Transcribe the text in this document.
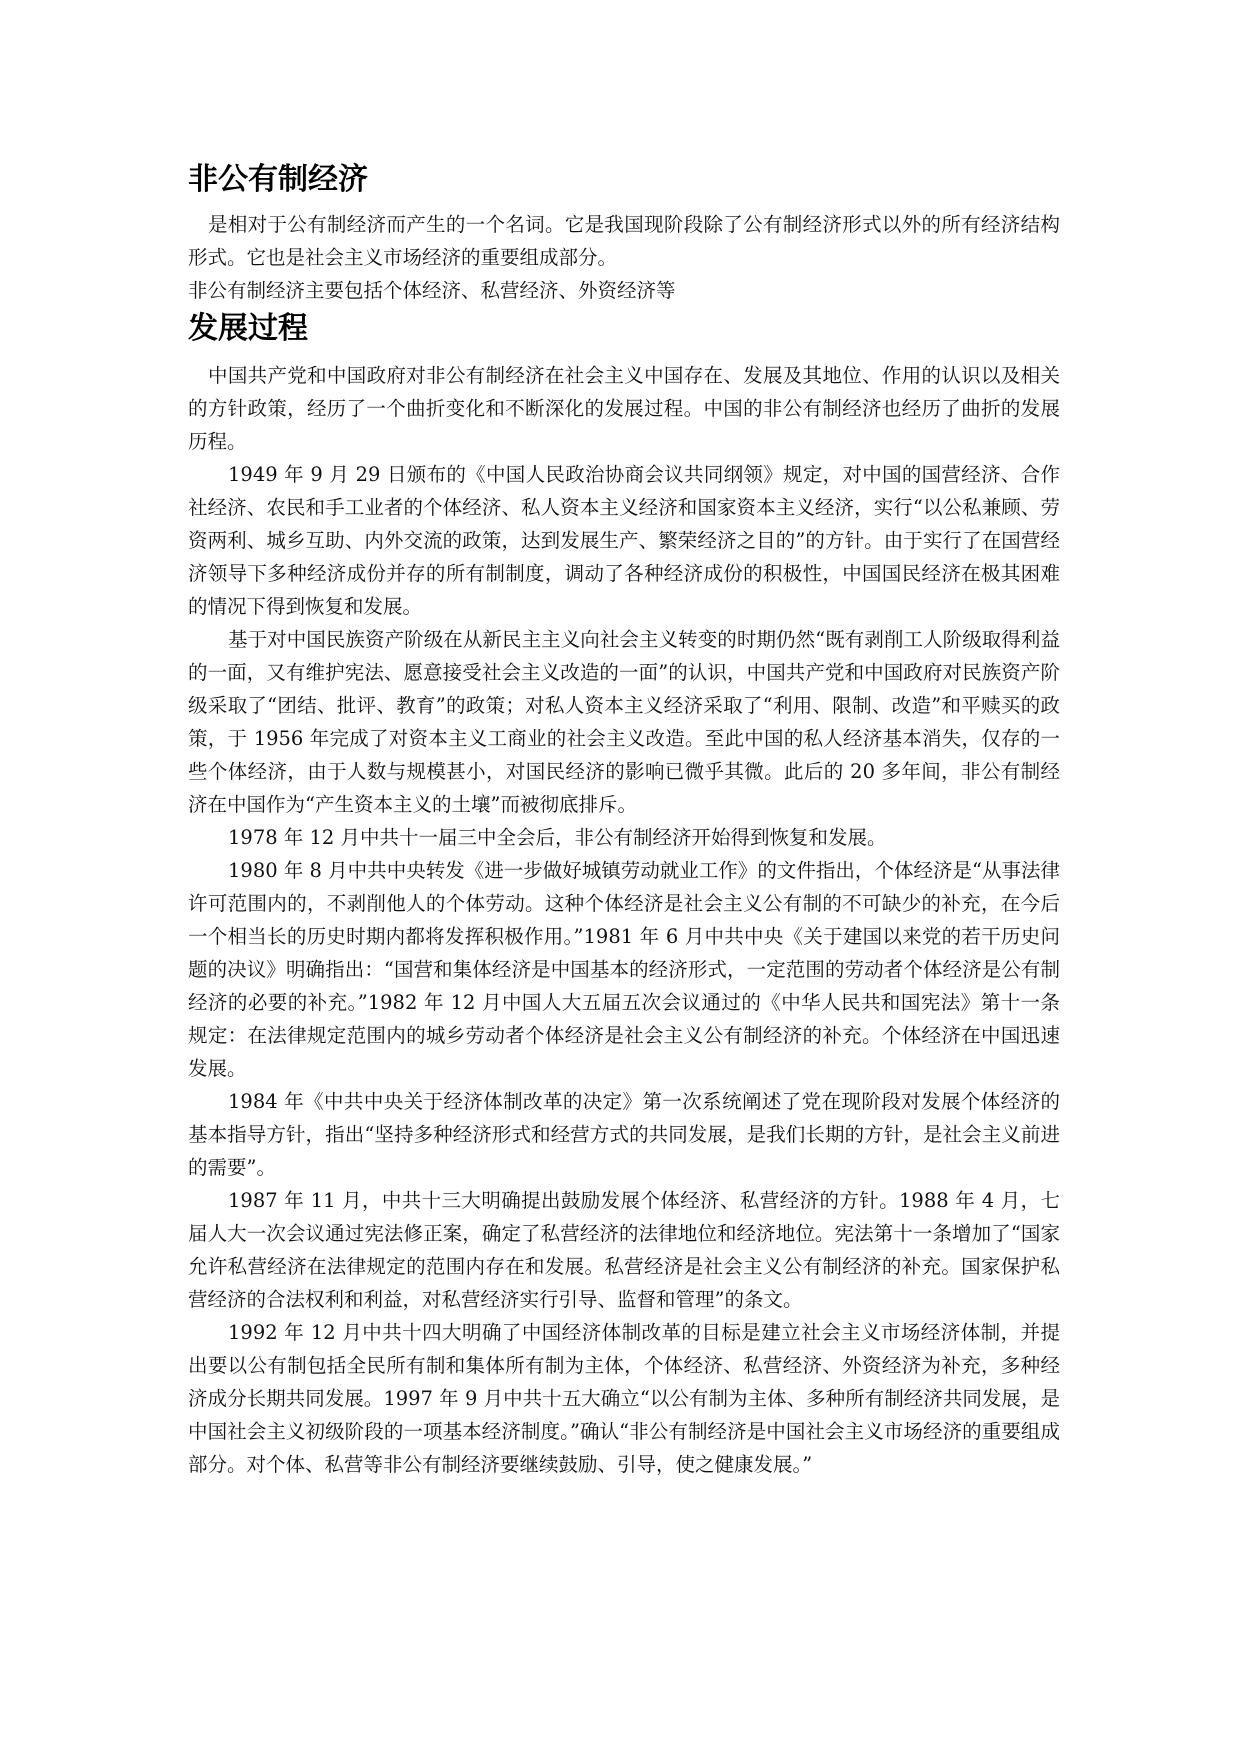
非公有制经济

是相对于公有制经济而产生的一个名词。它是我国现阶段除了公有制经济形式以外的所有经济结构形式。它也是社会主义市场经济的重要组成部分。

非公有制经济主要包括个体经济、私营经济、外资经济等

发展过程

中国共产党和中国政府对非公有制经济在社会主义中国存在、发展及其地位、作用的认识以及相关的方针政策，经历了一个曲折变化和不断深化的发展过程。中国的非公有制经济也经历了曲折的发展历程。

1949 年 9 月 29 日颁布的《中国人民政治协商会议共同纲领》规定，对中国的国营经济、合作社经济、农民和手工业者的个体经济、私人资本主义经济和国家资本主义经济，实行“以公私兼顾、劳资两利、城乡互助、内外交流的政策，达到发展生产、繁荣经济之目的”的方针。由于实行了在国营经济领导下多种经济成份并存的所有制制度，调动了各种经济成份的积极性，中国国民经济在极其困难的情况下得到恢复和发展。

基于对中国民族资产阶级在从新民主主义向社会主义转变的时期仍然“既有剥削工人阶级取得利益的一面，又有维护宪法、愿意接受社会主义改造的一面”的认识，中国共产党和中国政府对民族资产阶级采取了“团结、批评、教育”的政策；对私人资本主义经济采取了“利用、限制、改造”和平赎买的政策，于 1956 年完成了对资本主义工商业的社会主义改造。至此中国的私人经济基本消失，仅存的一些个体经济，由于人数与规模甚小，对国民经济的影响已微乎其微。此后的 20 多年间，非公有制经济在中国作为“产生资本主义的土壤”而被彻底排斥。

1978 年 12 月中共十一届三中全会后，非公有制经济开始得到恢复和发展。

1980 年 8 月中共中央转发《进一步做好城镇劳动就业工作》的文件指出，个体经济是“从事法律许可范围内的，不剥削他人的个体劳动。这种个体经济是社会主义公有制的不可缺少的补充，在今后一个相当长的历史时期内都将发挥积极作用。”1981 年 6 月中共中央《关于建国以来党的若干历史问题的决议》明确指出：“国营和集体经济是中国基本的经济形式，一定范围的劳动者个体经济是公有制经济的必要的补充。”1982 年 12 月中国人大五届五次会议通过的《中华人民共和国宪法》第十一条规定：在法律规定范围内的城乡劳动者个体经济是社会主义公有制经济的补充。个体经济在中国迅速发展。

1984 年《中共中央关于经济体制改革的决定》第一次系统阐述了党在现阶段对发展个体经济的基本指导方针，指出“坚持多种经济形式和经营方式的共同发展，是我们长期的方针，是社会主义前进的需要”。

1987 年 11 月，中共十三大明确提出鼓励发展个体经济、私营经济的方针。1988 年 4 月，七届人大一次会议通过宪法修正案，确定了私营经济的法律地位和经济地位。宪法第十一条增加了“国家允许私营经济在法律规定的范围内存在和发展。私营经济是社会主义公有制经济的补充。国家保护私营经济的合法权利和利益，对私营经济实行引导、监督和管理”的条文。

1992 年 12 月中共十四大明确了中国经济体制改革的目标是建立社会主义市场经济体制，并提出要以公有制包括全民所有制和集体所有制为主体，个体经济、私营经济、外资经济为补充，多种经济成分长期共同发展。1997 年 9 月中共十五大确立“以公有制为主体、多种所有制经济共同发展，是中国社会主义初级阶段的一项基本经济制度。”确认“非公有制经济是中国社会主义市场经济的重要组成部分。对个体、私营等非公有制经济要继续鼓励、引导，使之健康发展。”
